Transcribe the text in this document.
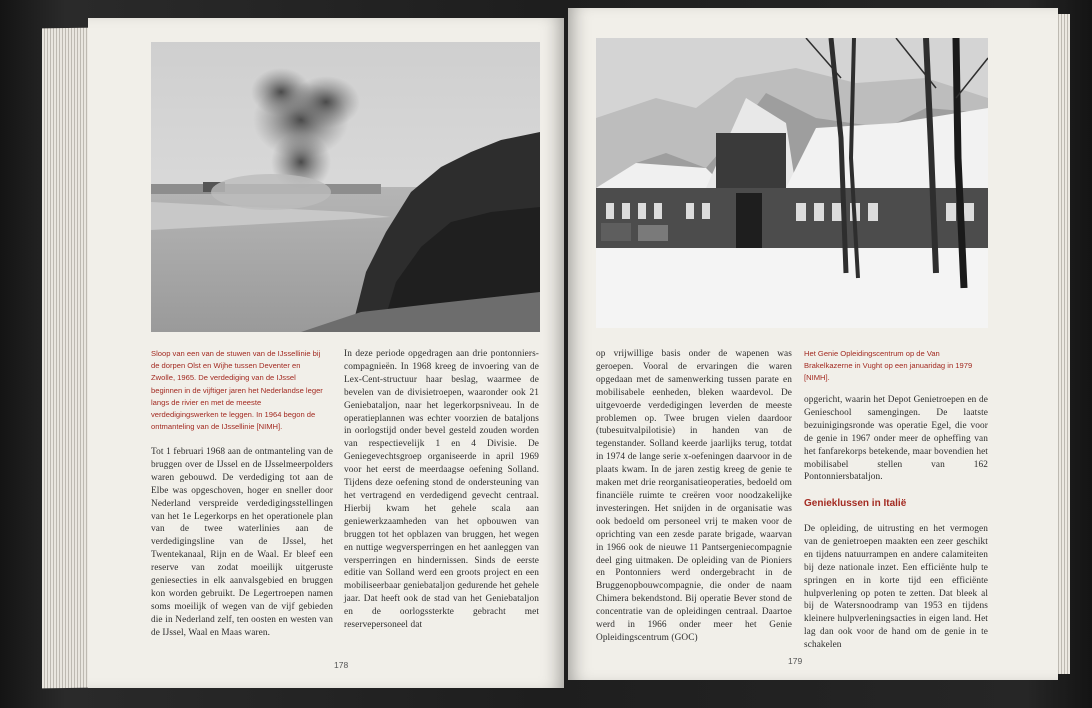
Sloop van een van de stuwen van de IJssellinie bij de dorpen Olst en Wijhe tussen Deventer en Zwolle, 1965. De verdediging van de IJssel beginnen in de vijftiger jaren het Nederlandse leger langs de rivier en met de meeste verdedigingswerken te leggen. In 1964 begon de ontmanteling van de IJssellinie [NIMH].

Tot 1 februari 1968 aan de ontmanteling van de bruggen over de IJssel en de IJsselmeerpolders waren gebouwd. De verdediging tot aan de Elbe was opgeschoven, hoger en sneller door Nederland verspreide verdedigingsstellingen van het 1e Legerkorps en het operationele plan van de twee waterlinies aan de verdedigingsline van de IJssel, het Twentekanaal, Rijn en de Waal. Er bleef een reserve van zodat moeilijk uitgeruste geniesecties in elk aanvalsgebied en bruggen kon worden gebruikt. De Legertroepen namen soms moeilijk of wegen van de vijf gebieden die in Nederland zelf, ten oosten en westen van de IJssel, Waal en Maas waren.

In deze periode opgedragen aan drie pontonniers-compagnieën. In 1968 kreeg de invoering van de Lex-Cent-structuur haar beslag, waarmee de bevelen van de divisietroepen, waaronder ook 21 Geniebataljon, naar het legerkorpsniveau. In de operatieplannen was echter voorzien de bataljons in oorlogstijd onder bevel gesteld zouden worden van respectievelijk 1 en 4 Divisie. De Geniegevechtsgroep organiseerde in april 1969 voor het eerst de meerdaagse oefening Solland. Tijdens deze oefening stond de ondersteuning van het vertragend en verdedigend gevecht centraal. Hierbij kwam het gehele scala aan geniewerkzaamheden van het opbouwen van bruggen tot het opblazen van bruggen, het wegen en nuttige wegversperringen en het aanleggen van versperringen en hindernissen. Sinds de eerste editie van Solland werd een groots project en een mobiliseerbaar geniebataljon gedurende het gehele jaar. Dat heeft ook de stad van het Geniebataljon en de oorlogssterkte gebracht met reservepersoneel dat

178
Het Genie Opleidingscentrum op de Van Brakelkazerne in Vught op een januaridag in 1979 [NIMH].

op vrijwillige basis onder de wapenen was geroepen. Vooral de ervaringen die waren opgedaan met de samenwerking tussen parate en mobilisabele eenheden, bleken waardevol. De uitgevoerde verdedigingen leverden de meeste problemen op. Twee brugen vielen daardoor (tubesuitvalpilotisie) in handen van de tegenstander. Solland keerde jaarlijks terug, totdat in 1974 de lange serie x-oefeningen daarvoor in de plaats kwam. In de jaren zestig kreeg de genie te maken met drie reorganisatieoperaties, bedoeld om financiële ruimte te creëren voor noodzakelijke investeringen. Het snijden in de organisatie was ook bedoeld om personeel vrij te maken voor de oprichting van een zesde parate brigade, waarvan in 1966 ook de nieuwe 11 Pantsergeniecompagnie deel ging uitmaken. De opleiding van de Pioniers en Pontonniers werd ondergebracht in de Bruggenopbouwcompagnie, die onder de naam Chimera bekendstond. Bij operatie Bever stond de concentratie van de opleidingen centraal. Daartoe werd in 1966 onder meer het Genie Opleidingscentrum (GOC)

opgericht, waarin het Depot Genietroepen en de Genieschool samengingen. De laatste bezuinigingsronde was operatie Egel, die voor de genie in 1967 onder meer de opheffing van het fanfarekorps betekende, maar bovendien het mobilisabel stellen van 162 Pontonniersbataljon.

Genieklussen in Italië

De opleiding, de uitrusting en het vermogen van de genietroepen maakten een zeer geschikt en tijdens natuurrampen en andere calamiteiten bij deze nationale inzet. Een efficiënte hulp te springen en in korte tijd een efficiënte hulpverlening op poten te zetten. Dat bleek al bij de Watersnoodramp van 1953 en tijdens kleinere hulpverleningsacties in eigen land. Het lag dan ook voor de hand om de genie in te schakelen

179
